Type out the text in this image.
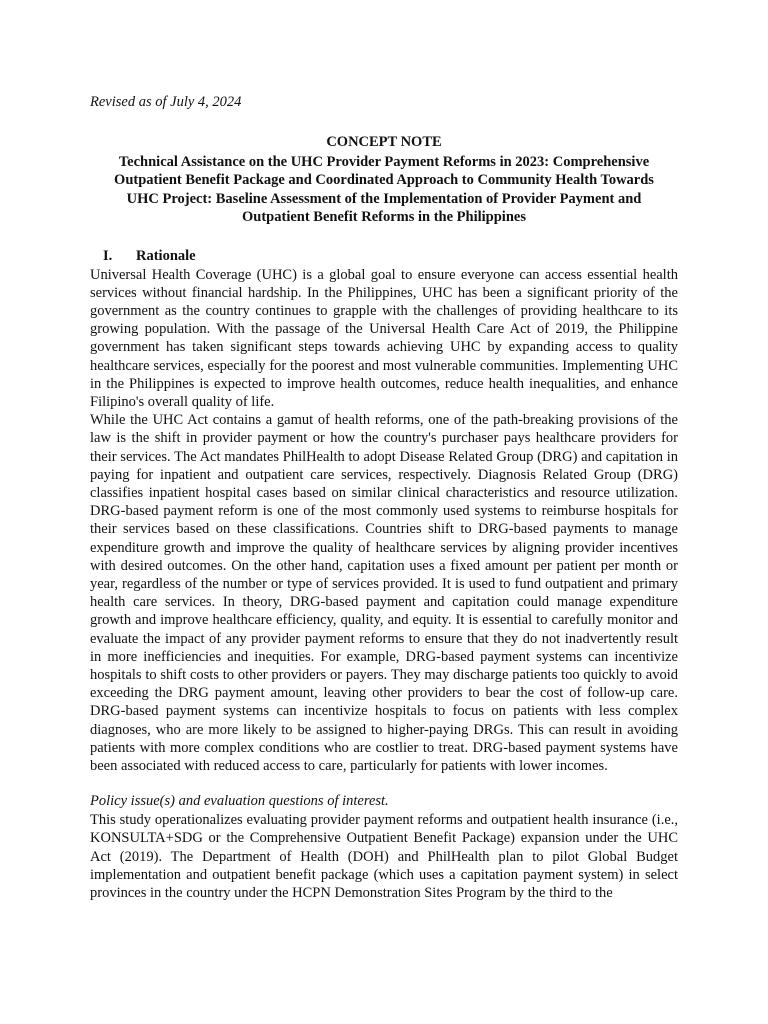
Revised as of July 4, 2024
CONCEPT NOTE
Technical Assistance on the UHC Provider Payment Reforms in 2023: Comprehensive
Outpatient Benefit Package and Coordinated Approach to Community Health Towards
UHC Project: Baseline Assessment of the Implementation of Provider Payment and
Outpatient Benefit Reforms in the Philippines
I.	Rationale

Universal Health Coverage (UHC) is a global goal to ensure everyone can access essential health services without financial hardship. In the Philippines, UHC has been a significant priority of the government as the country continues to grapple with the challenges of providing healthcare to its growing population. With the passage of the Universal Health Care Act of 2019, the Philippine government has taken significant steps towards achieving UHC by expanding access to quality healthcare services, especially for the poorest and most vulnerable communities. Implementing UHC in the Philippines is expected to improve health outcomes, reduce health inequalities, and enhance Filipino's overall quality of life.

While the UHC Act contains a gamut of health reforms, one of the path-breaking provisions of the law is the shift in provider payment or how the country's purchaser pays healthcare providers for their services. The Act mandates PhilHealth to adopt Disease Related Group (DRG) and capitation in paying for inpatient and outpatient care services, respectively. Diagnosis Related Group (DRG) classifies inpatient hospital cases based on similar clinical characteristics and resource utilization. DRG-based payment reform is one of the most commonly used systems to reimburse hospitals for their services based on these classifications. Countries shift to DRG-based payments to manage expenditure growth and improve the quality of healthcare services by aligning provider incentives with desired outcomes. On the other hand, capitation uses a fixed amount per patient per month or year, regardless of the number or type of services provided. It is used to fund outpatient and primary health care services. In theory, DRG-based payment and capitation could manage expenditure growth and improve healthcare efficiency, quality, and equity. It is essential to carefully monitor and evaluate the impact of any provider payment reforms to ensure that they do not inadvertently result in more inefficiencies and inequities. For example, DRG-based payment systems can incentivize hospitals to shift costs to other providers or payers. They may discharge patients too quickly to avoid exceeding the DRG payment amount, leaving other providers to bear the cost of follow-up care. DRG-based payment systems can incentivize hospitals to focus on patients with less complex diagnoses, who are more likely to be assigned to higher-paying DRGs. This can result in avoiding patients with more complex conditions who are costlier to treat. DRG-based payment systems have been associated with reduced access to care, particularly for patients with lower incomes.

Policy issue(s) and evaluation questions of interest.

This study operationalizes evaluating provider payment reforms and outpatient health insurance (i.e., KONSULTA+SDG or the Comprehensive Outpatient Benefit Package) expansion under the UHC Act (2019). The Department of Health (DOH) and PhilHealth plan to pilot Global Budget implementation and outpatient benefit package (which uses a capitation payment system) in select provinces in the country under the HCPN Demonstration Sites Program by the third to the
